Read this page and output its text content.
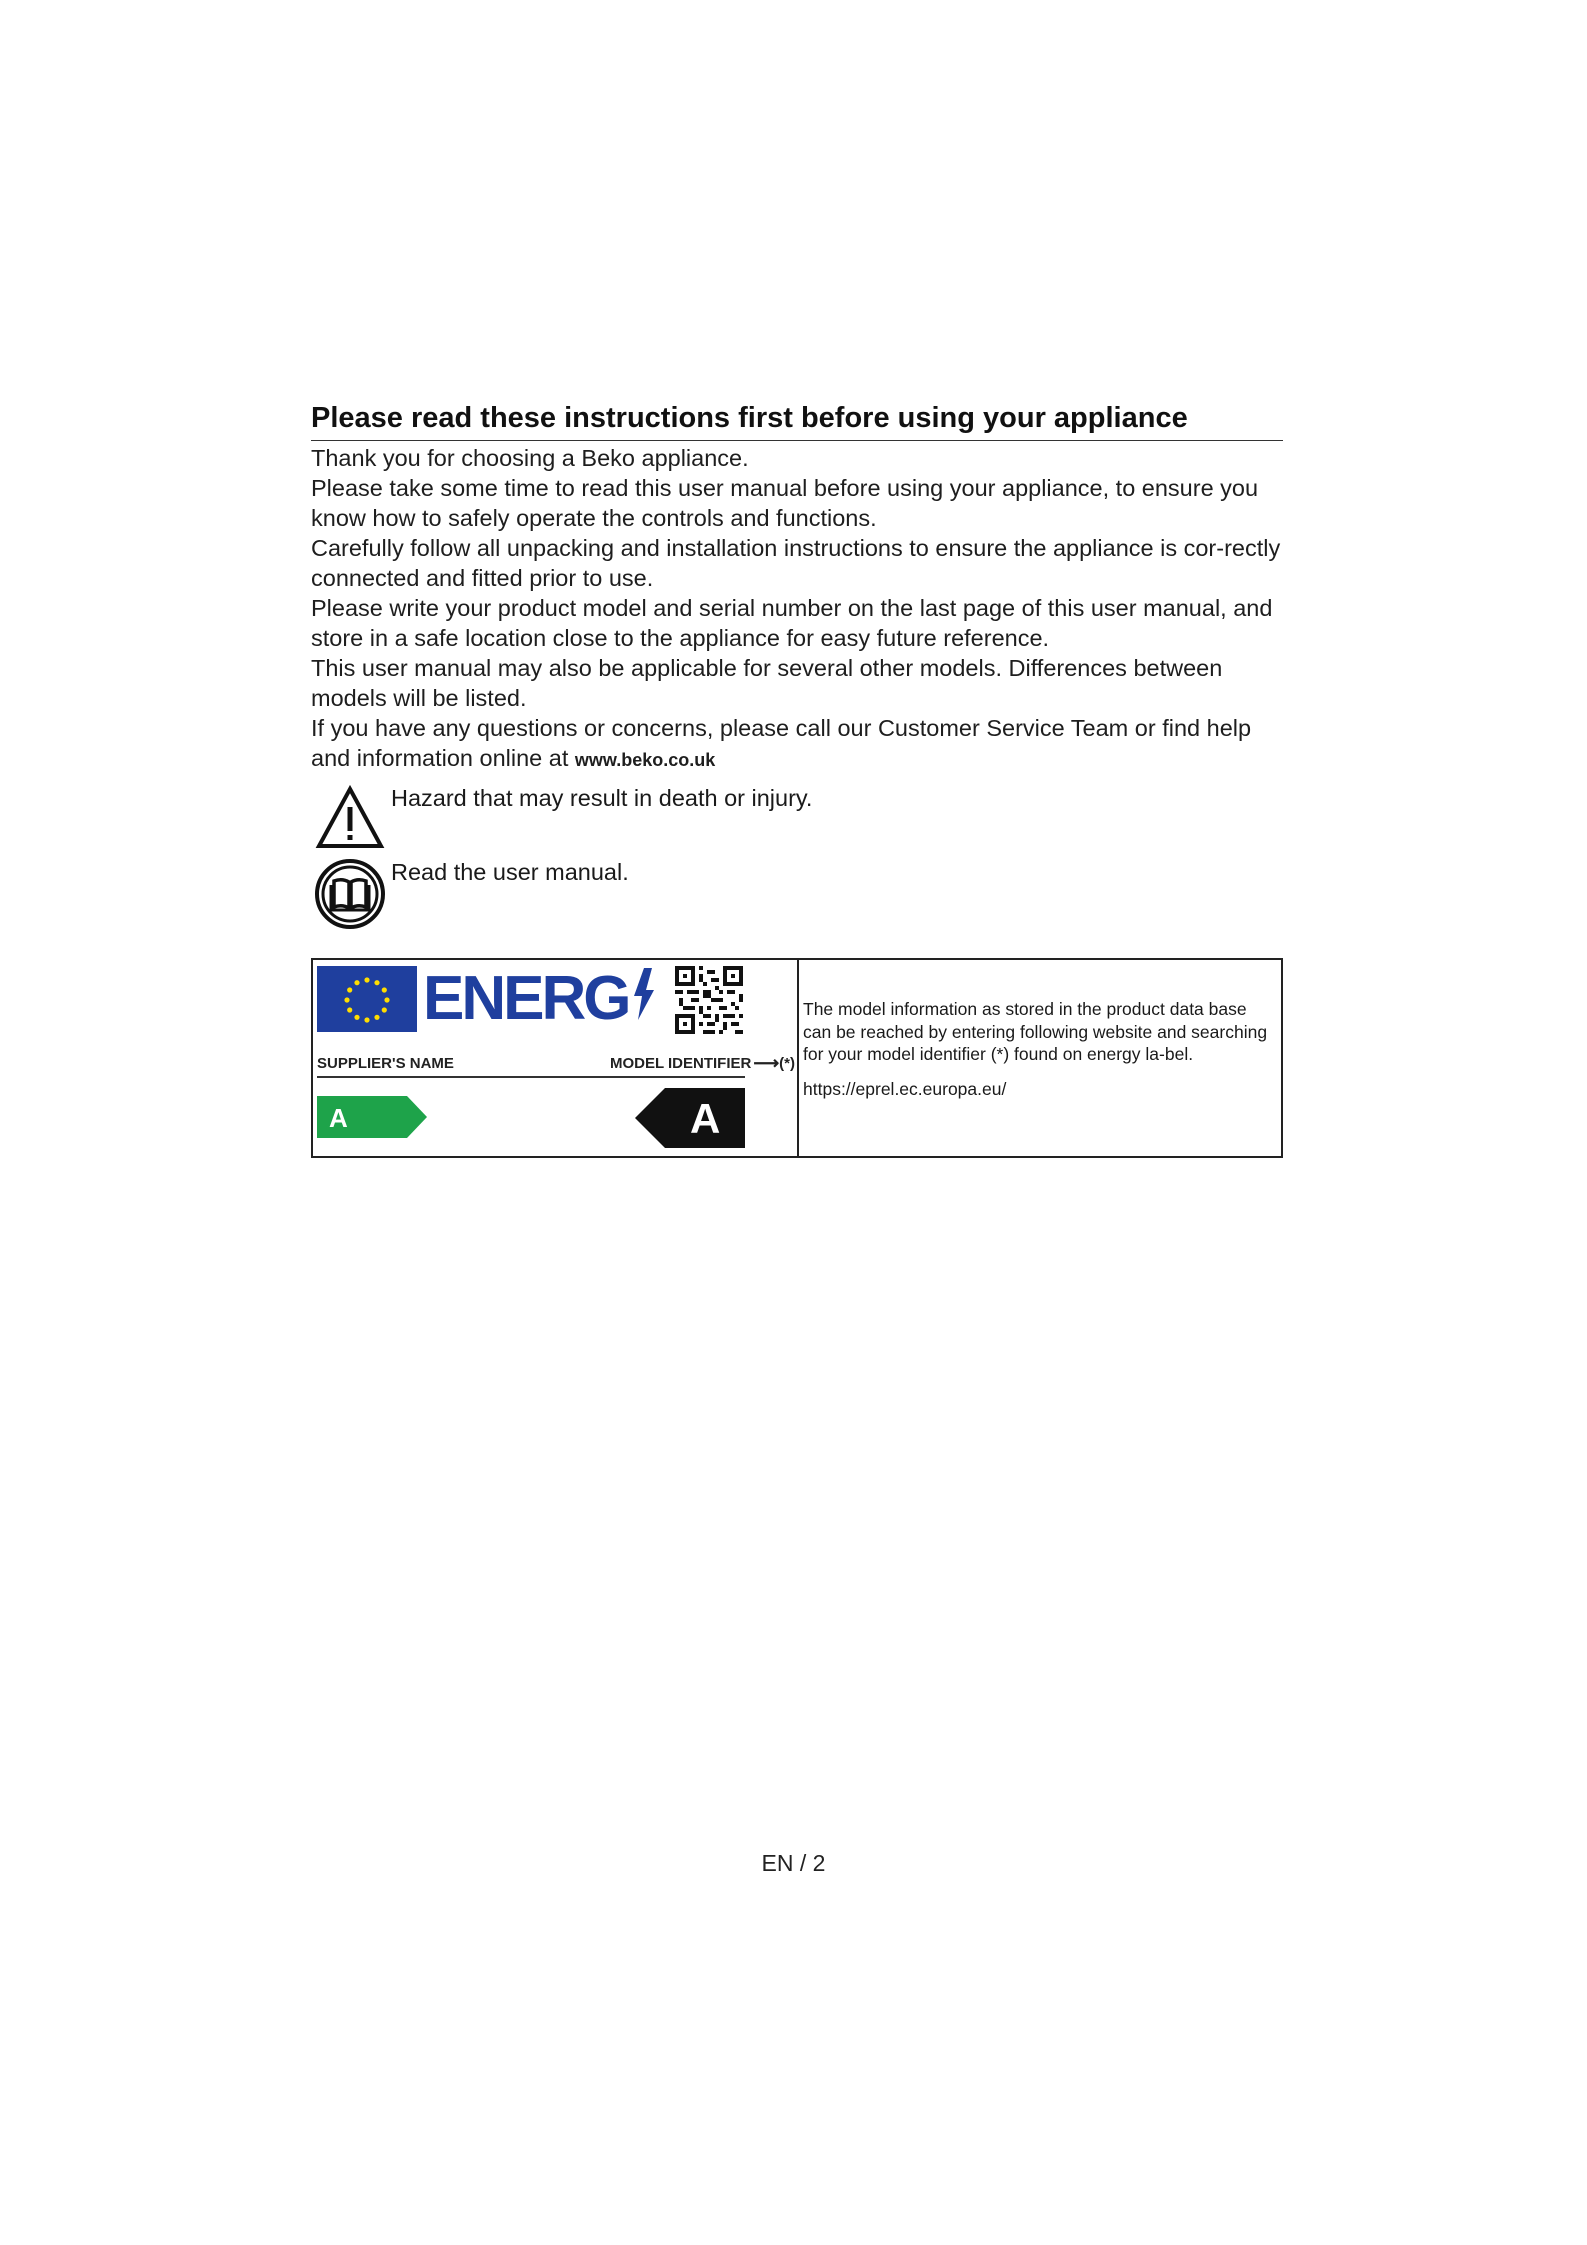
Please read these instructions first before using your appliance

Thank you for choosing a Beko appliance.

Please take some time to read this user manual before using your appliance, to ensure you know how to safely operate the controls and functions.

Carefully follow all unpacking and installation instructions to ensure the appliance is cor-rectly connected and fitted prior to use.

Please write your product model and serial number on the last page of this user manual, and store in a safe location close to the appliance for easy future reference.

This user manual may also be applicable for several other models. Differences between models will be listed.

If you have any questions or concerns, please call our Customer Service Team or find help and information online at www.beko.co.uk

Hazard that may result in death or injury.
Read the user manual.
ENERG
SUPPLIER'S NAME	MODEL IDENTIFIER ⟶ (*)
A	A
The model information as stored in the product data base can be reached by entering following website and searching for your model identifier (*) found on energy la-bel.
https://eprel.ec.europa.eu/
EN / 2
